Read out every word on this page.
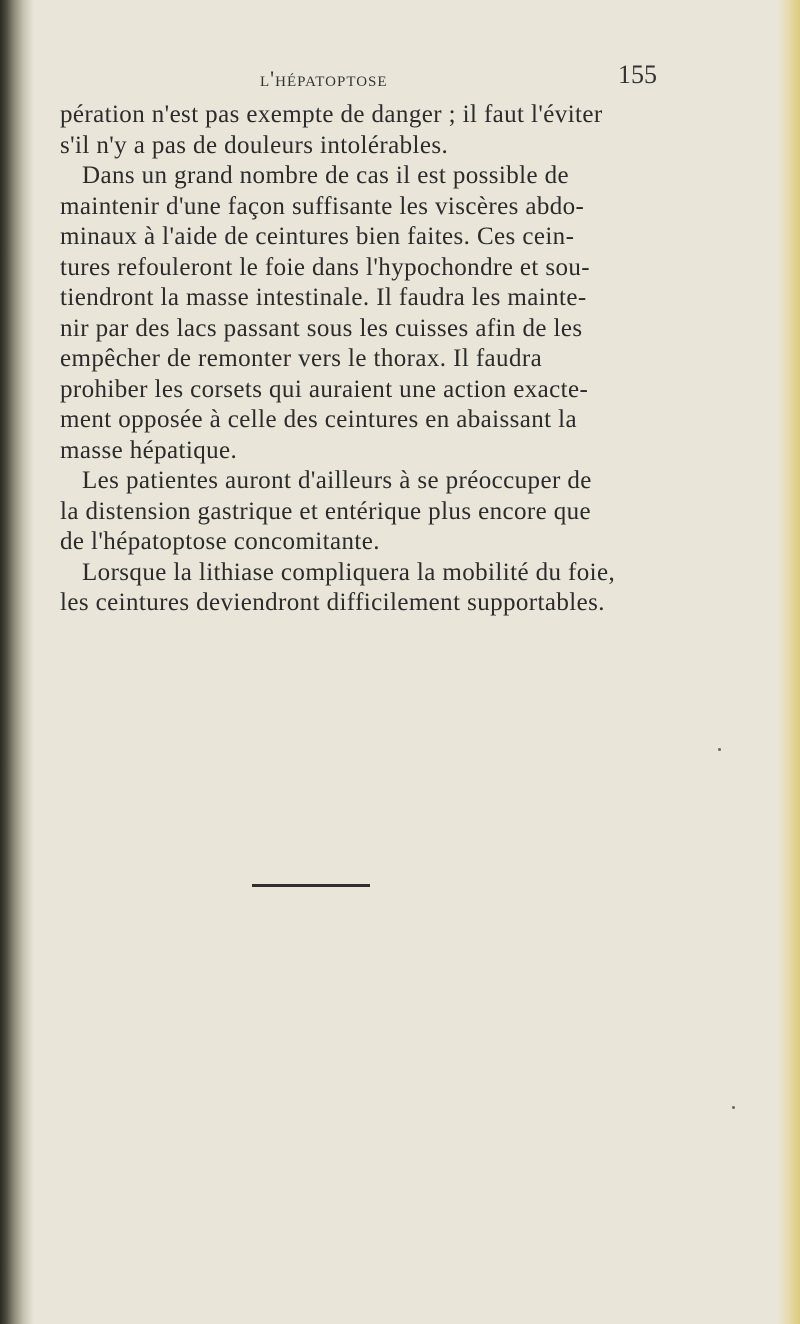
l'hépatoptose	155
pération n'est pas exempte de danger ; il faut l'éviter
s'il n'y a pas de douleurs intolérables.
Dans un grand nombre de cas il est possible de
maintenir d'une façon suffisante les viscères abdo-
minaux à l'aide de ceintures bien faites. Ces cein-
tures refouleront le foie dans l'hypochondre et sou-
tiendront la masse intestinale. Il faudra les mainte-
nir par des lacs passant sous les cuisses afin de les
empêcher de remonter vers le thorax. Il faudra
prohiber les corsets qui auraient une action exacte-
ment opposée à celle des ceintures en abaissant la
masse hépatique.
Les patientes auront d'ailleurs à se préoccuper de
la distension gastrique et entérique plus encore que
de l'hépatoptose concomitante.
Lorsque la lithiase compliquera la mobilité du foie,
les ceintures deviendront difficilement supportables.
